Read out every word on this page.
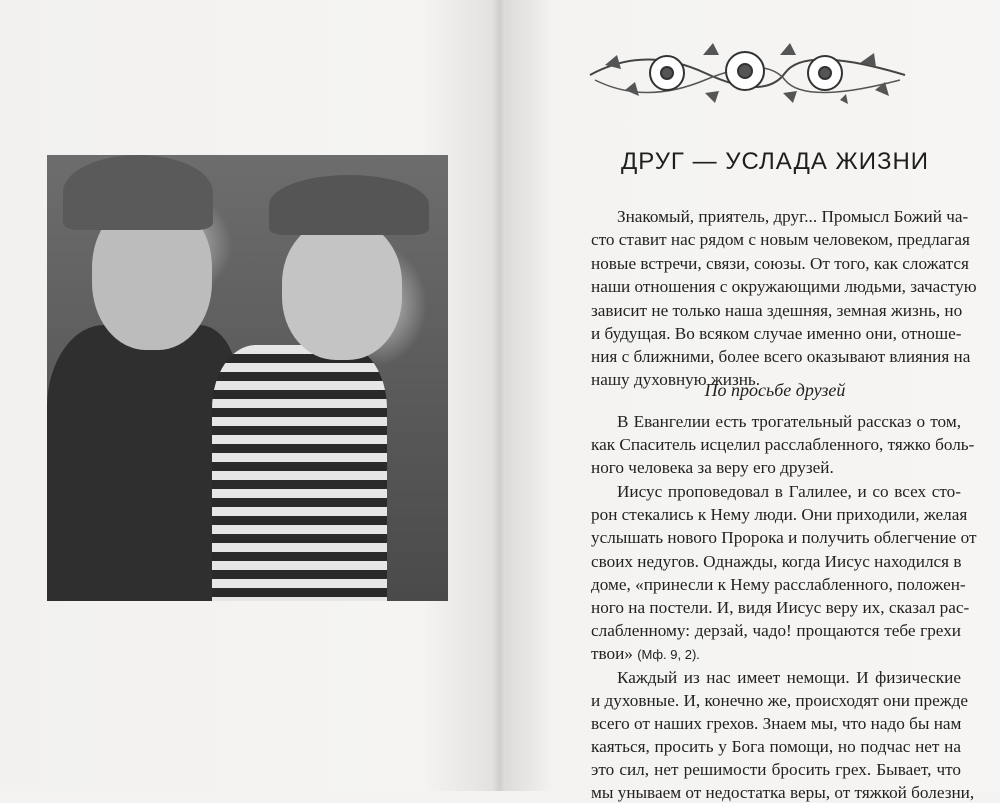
ДРУГ — УСЛАДА ЖИЗНИ
Знакомый, приятель, друг... Промысл Божий ча-
сто ставит нас рядом с новым человеком, предлагая
новые встречи, связи, союзы. От того, как сложатся
наши отношения с окружающими людьми, зачастую
зависит не только наша здешняя, земная жизнь, но
и будущая. Во всяком случае именно они, отноше-
ния с ближними, более всего оказывают влияния на
нашу духовную жизнь.
По просьбе друзей
В Евангелии есть трогательный рассказ о том,
как Спаситель исцелил расслабленного, тяжко боль-
ного человека за веру его друзей.
Иисус проповедовал в Галилее, и со всех сто-
рон стекались к Нему люди. Они приходили, желая
услышать нового Пророка и получить облегчение от
своих недугов. Однажды, когда Иисус находился в
доме, «принесли к Нему расслабленного, положен-
ного на постели. И, видя Иисус веру их, сказал рас-
слабленному: дерзай, чадо! прощаются тебе грехи
твои» (Мф. 9, 2).
Каждый из нас имеет немощи. И физические
и духовные. И, конечно же, происходят они прежде
всего от наших грехов. Знаем мы, что надо бы нам
каяться, просить у Бога помощи, но подчас нет на
это сил, нет решимости бросить грех. Бывает, что
мы унываем от недостатка веры, от тяжкой болезни,
